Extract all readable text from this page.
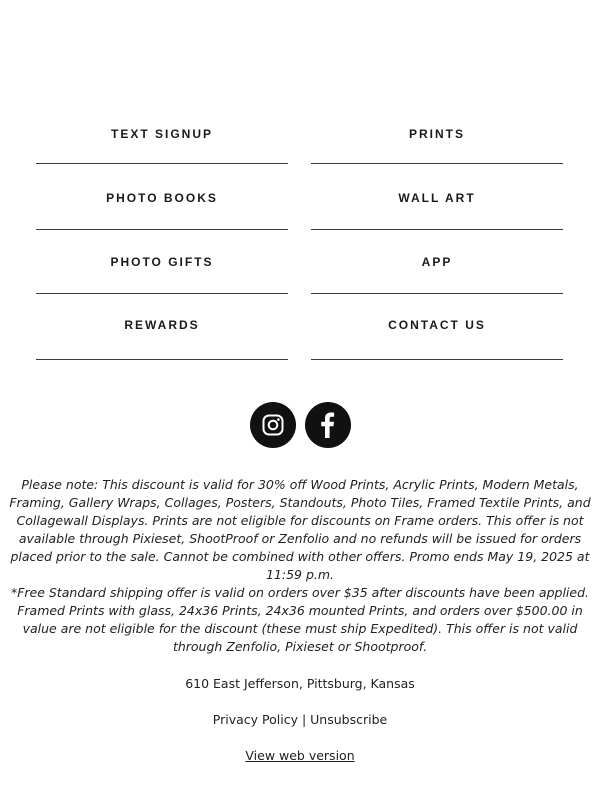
TEXT SIGNUP	PRINTS
PHOTO BOOKS	WALL ART
PHOTO GIFTS	APP
REWARDS	CONTACT US

Please note: This discount is valid for 30% off Wood Prints, Acrylic Prints, Modern Metals, Framing, Gallery Wraps, Collages, Posters, Standouts, Photo Tiles, Framed Textile Prints, and Collagewall Displays. Prints are not eligible for discounts on Frame orders. This offer is not available through Pixieset, ShootProof or Zenfolio and no refunds will be issued for orders placed prior to the sale. Cannot be combined with other offers. Promo ends May 19, 2025 at 11:59 p.m.

*Free Standard shipping offer is valid on orders over $35 after discounts have been applied. Framed Prints with glass, 24x36 Prints, 24x36 mounted Prints, and orders over $500.00 in value are not eligible for the discount (these must ship Expedited). This offer is not valid through Zenfolio, Pixieset or Shootproof.

610 East Jefferson, Pittsburg, Kansas
Privacy Policy | Unsubscribe
View web version
